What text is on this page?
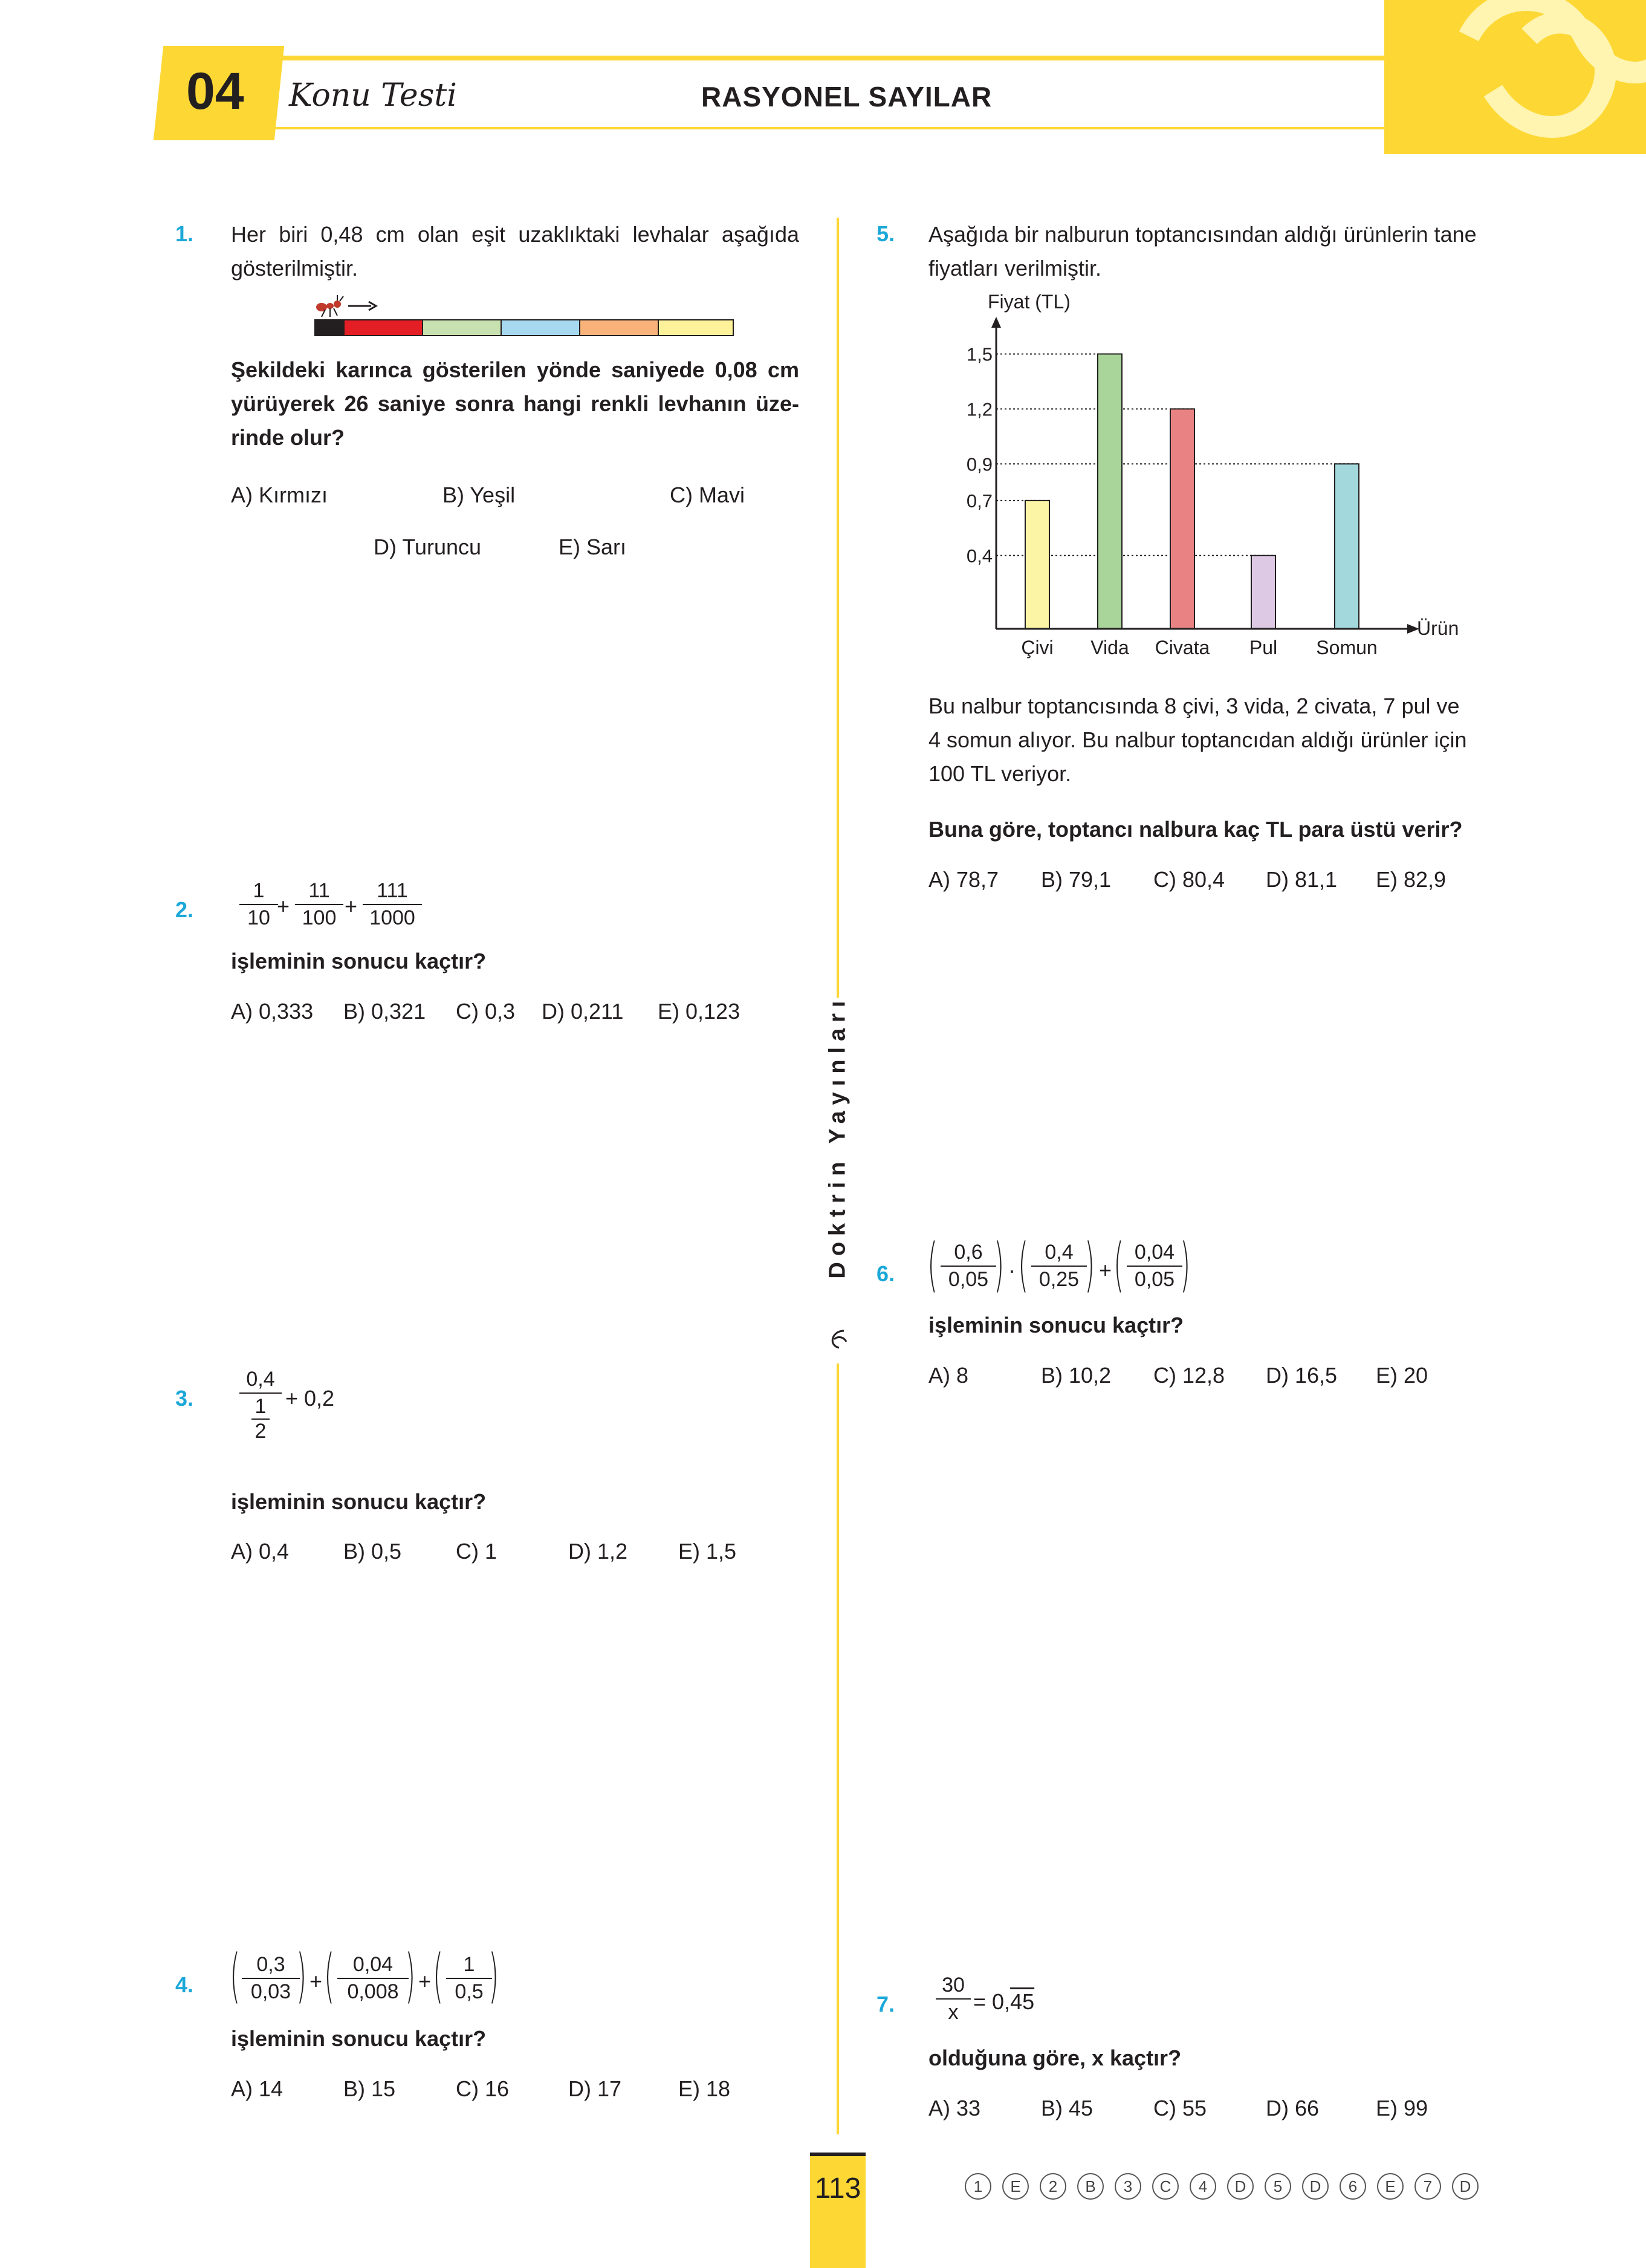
04 Konu Testi	RASYONEL SAYILAR
Doktrin Yayınları
1. Her biri 0,48 cm olan eşit uzaklıktaki levhalar aşağıda
gösterilmiştir.
Şekildeki karınca gösterilen yönde saniyede 0,08 cm
yürüyerek 26 saniye sonra hangi renkli levhanın üze-
rinde olur?
A) Kırmızı	B) Yeşil	C) Mavi
D) Turuncu	E) Sarı
2. $\frac{1}{10}$
+ $\frac{11}{100} + \frac{111}{1000}$
işleminin sonucu kaçtır?
A) 0,333 B) 0,321 C) 0,3 D) 0,211 E) 0,123
3. 0,4
1
2 + 0,2
işleminin sonucu kaçtır?
A) 0,4 B) 0,5 C) 1	D) 1,2 E) 1,5
4. ( $\frac{0,3}{0,03}$
) + ( $\frac{0,04}{0,008}$
) + ( $\frac{1}{0,5}$
)
işleminin sonucu kaçtır?
A) 14	B) 15	C) 16	D) 17	E) 18
5. Aşağıda bir nalburun toptancısından aldığı ürünlerin tane
fiyatları verilmiştir.
Fiyat (TL)
Ürün
0,4
0,7
0,9
1,2
1,5
Çivi Vida Civata Pul Somun
Bu nalbur toptancısında 8 çivi, 3 vida, 2 civata, 7 pul ve
4 somun alıyor. Bu nalbur toptancıdan aldığı ürünler için
100 TL veriyor.
Buna göre, toptancı nalbura kaç TL para üstü verir?
A) 78,7 B) 79,1 C) 80,4 D) 81,1 E) 82,9
6. ( $\frac{0,6}{0,05}$
) · ( $\frac{0,4}{0,25}$
) + ( $\frac{0,04}{0,05}$
)
işleminin sonucu kaçtır?
A) 8	B) 10,2 C) 12,8 D) 16,5 E) 20
7. $\frac{30}{x} = 0,45$
olduğuna göre, x kaçtır?
A) 33	B) 45	C) 55	D) 66	E) 99
113	1	E	2	B	3	C	4	D	5	D	6	E	7	D
